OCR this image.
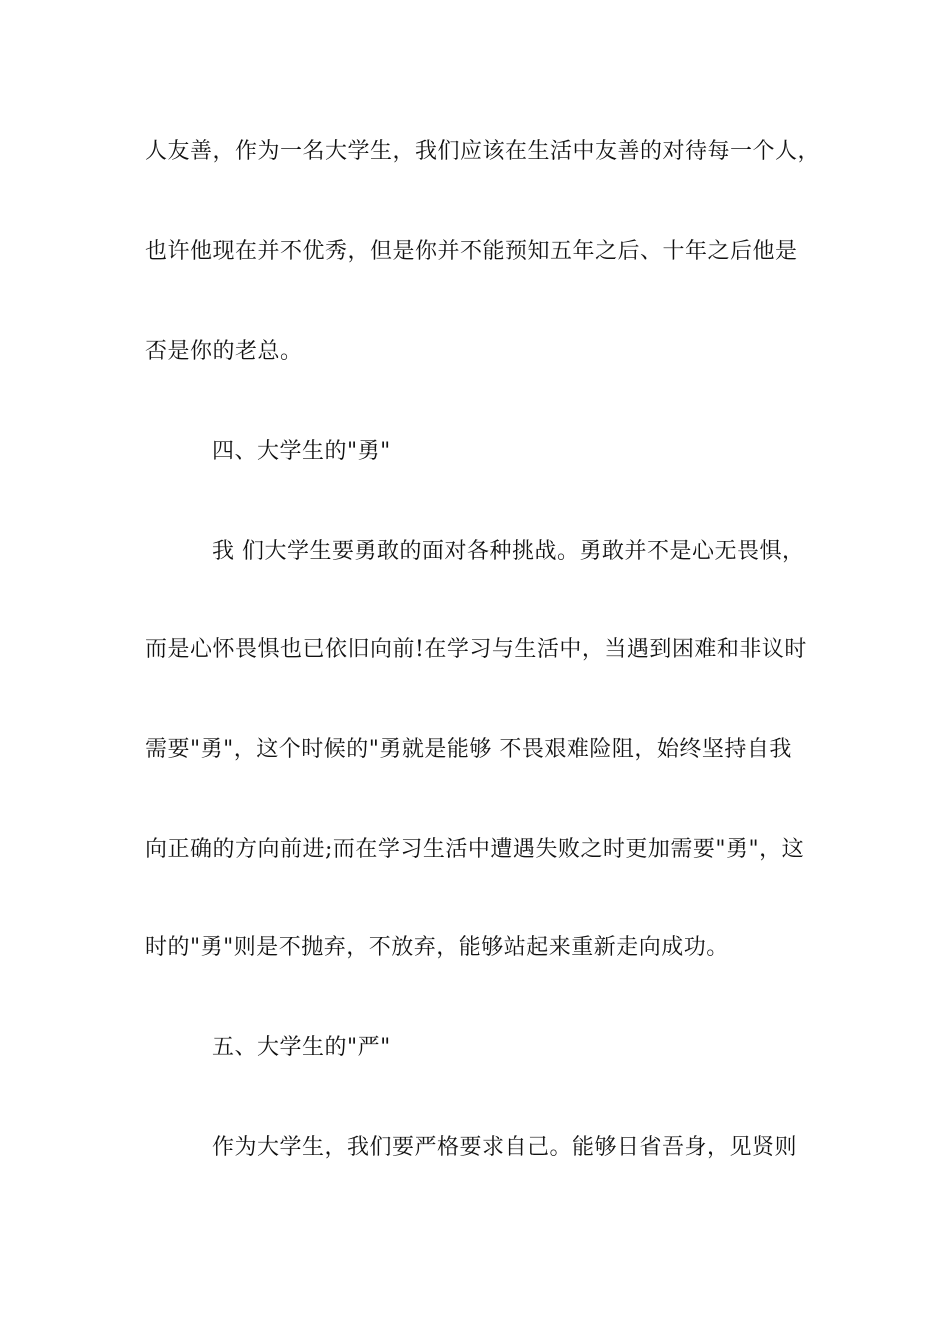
人友善，作为一名大学生，我们应该在生活中友善的对待每一个人，
也许他现在并不优秀，但是你并不能预知五年之后、十年之后他是
否是你的老总。
四、大学生的"勇"
我 们大学生要勇敢的面对各种挑战。勇敢并不是心无畏惧，
而是心怀畏惧也已依旧向前!在学习与生活中，当遇到困难和非议时
需要"勇"，这个时候的"勇就是能够 不畏艰难险阻，始终坚持自我
向正确的方向前进;而在学习生活中遭遇失败之时更加需要"勇"，这
时的"勇"则是不抛弃，不放弃，能够站起来重新走向成功。
五、大学生的"严"
作为大学生，我们要严格要求自己。能够日省吾身，见贤则
